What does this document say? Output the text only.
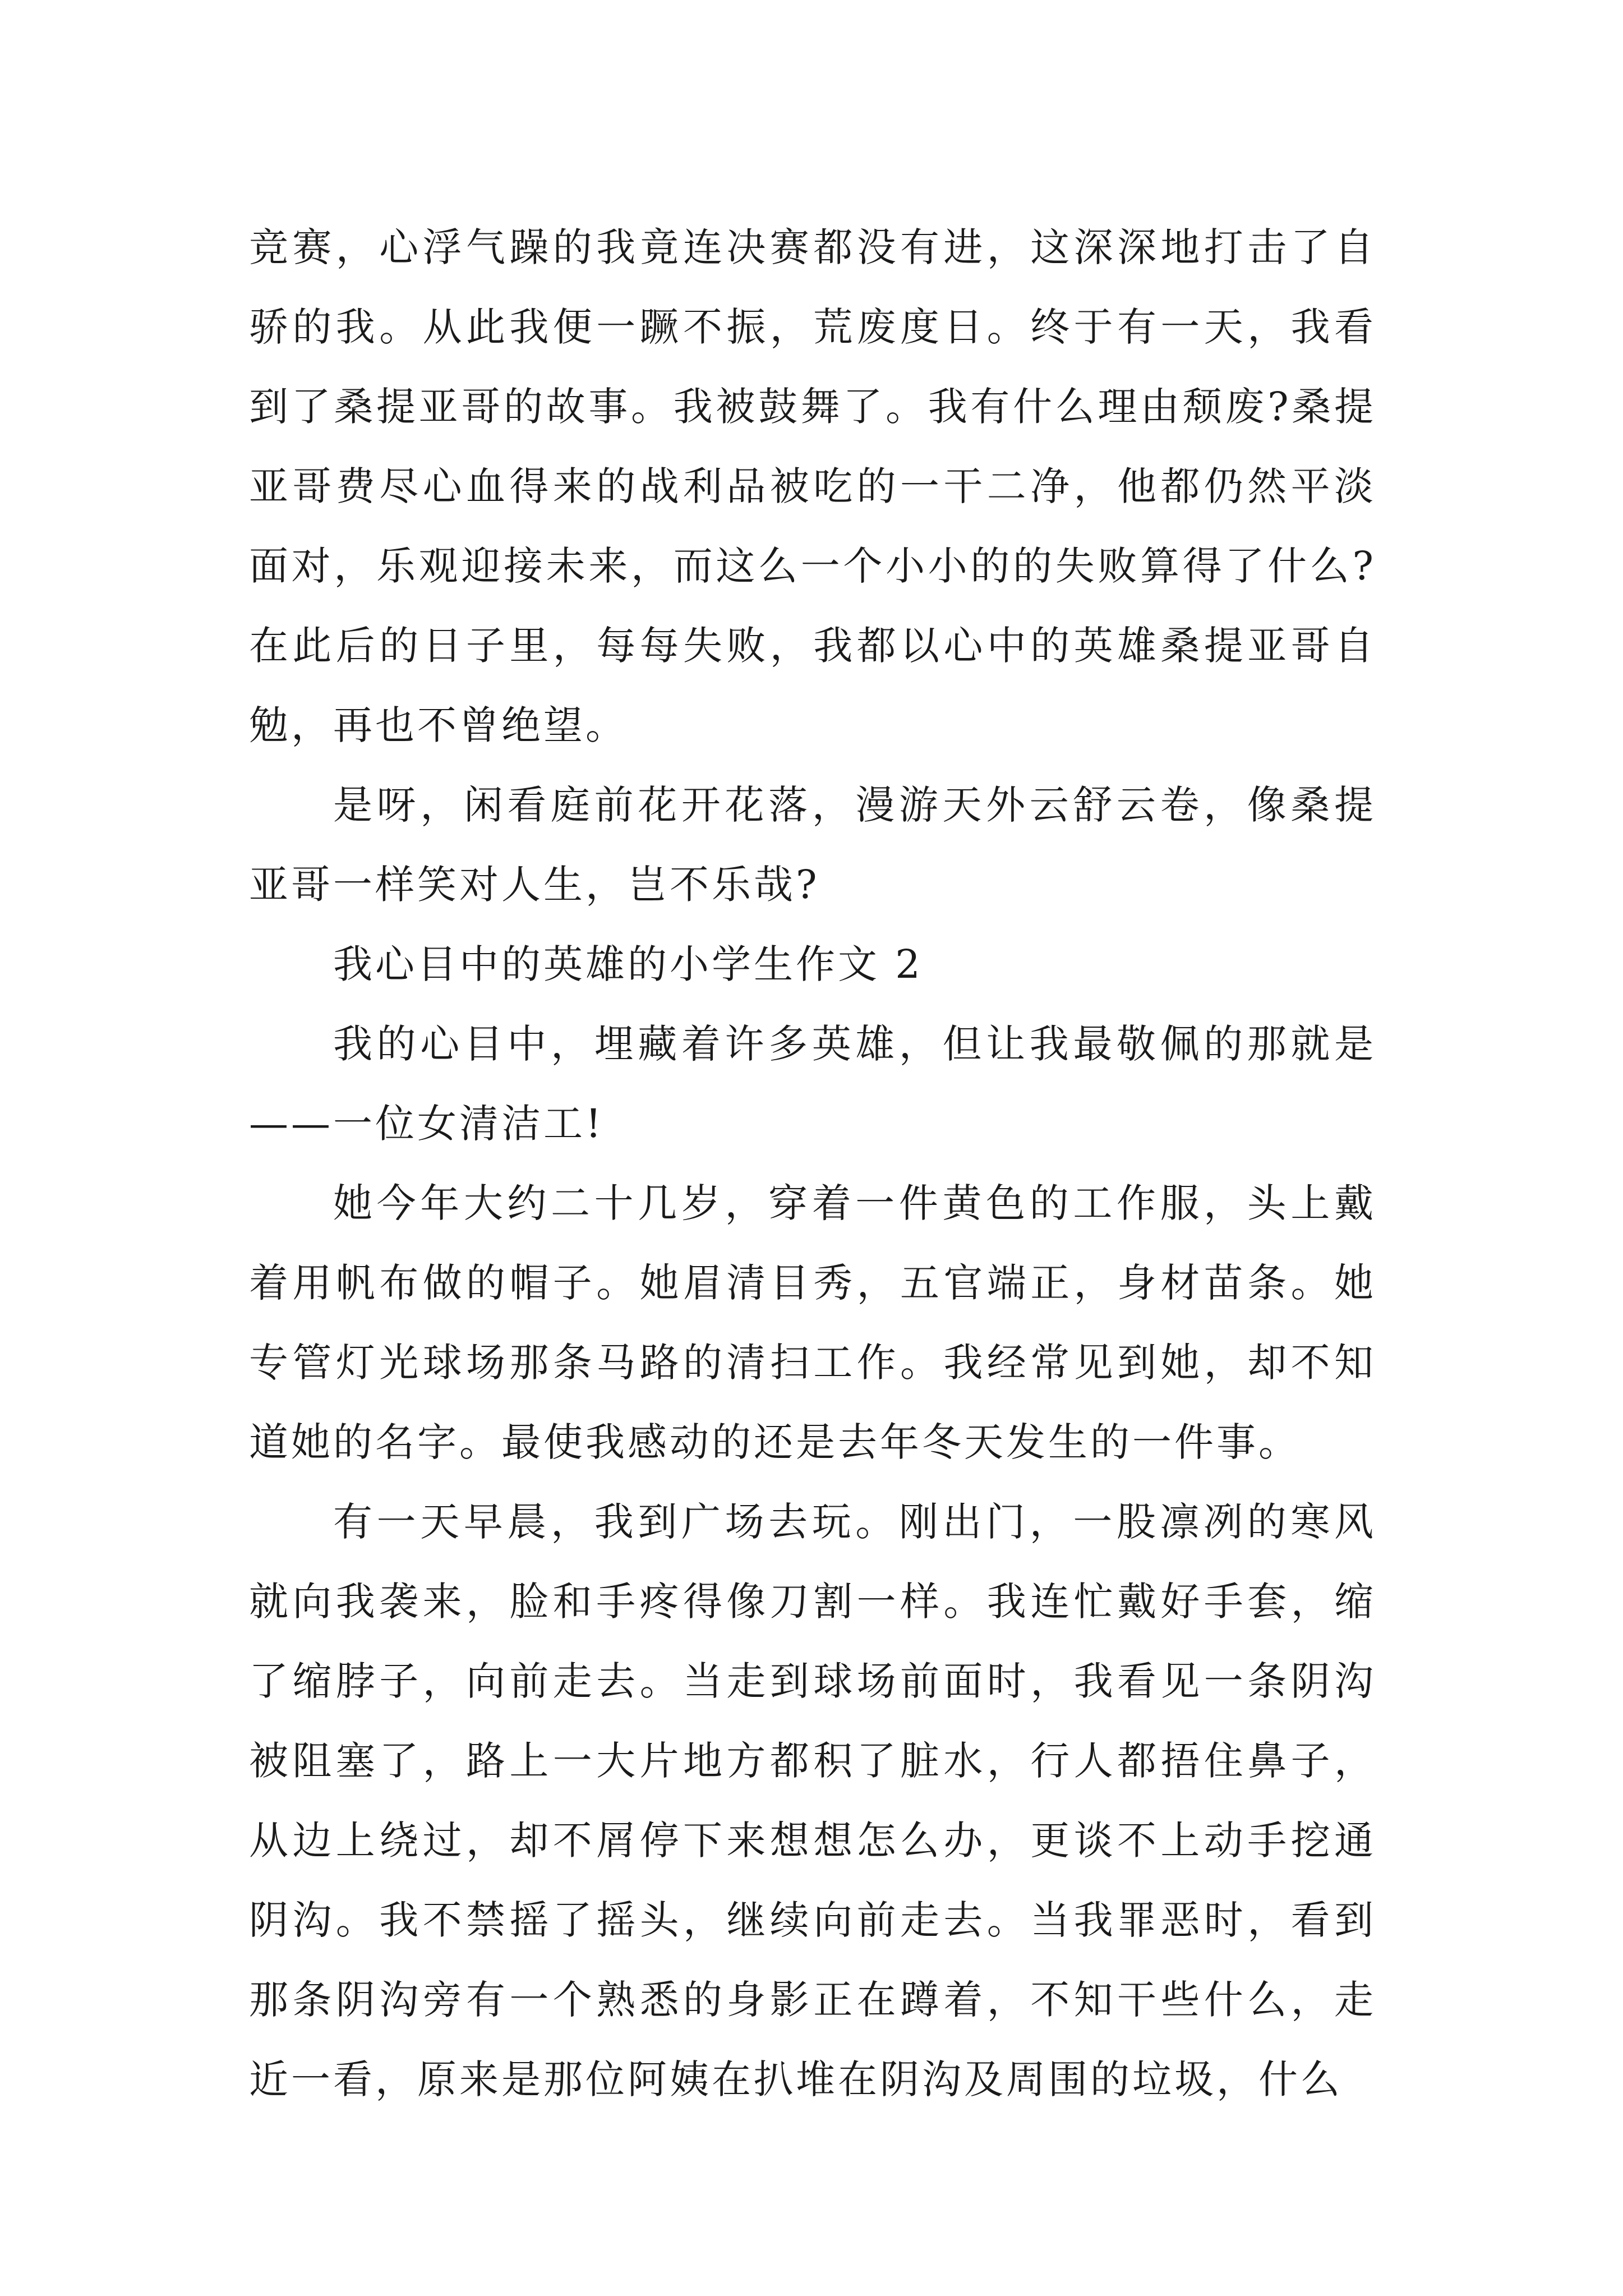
竞赛，心浮气躁的我竟连决赛都没有进，这深深地打击了自骄的我。从此我便一蹶不振，荒废度日。终于有一天，我看到了桑提亚哥的故事。我被鼓舞了。我有什么理由颓废?桑提亚哥费尽心血得来的战利品被吃的一干二净，他都仍然平淡面对，乐观迎接未来，而这么一个小小的的失败算得了什么?在此后的日子里，每每失败，我都以心中的英雄桑提亚哥自勉，再也不曾绝望。

是呀，闲看庭前花开花落，漫游天外云舒云卷，像桑提亚哥一样笑对人生，岂不乐哉?

我心目中的英雄的小学生作文 2

我的心目中，埋藏着许多英雄，但让我最敬佩的那就是——一位女清洁工!

她今年大约二十几岁，穿着一件黄色的工作服，头上戴着用帆布做的帽子。她眉清目秀，五官端正，身材苗条。她专管灯光球场那条马路的清扫工作。我经常见到她，却不知道她的名字。最使我感动的还是去年冬天发生的一件事。

有一天早晨，我到广场去玩。刚出门，一股凛冽的寒风就向我袭来，脸和手疼得像刀割一样。我连忙戴好手套，缩了缩脖子，向前走去。当走到球场前面时，我看见一条阴沟被阻塞了，路上一大片地方都积了脏水，行人都捂住鼻子，从边上绕过，却不屑停下来想想怎么办，更谈不上动手挖通阴沟。我不禁摇了摇头，继续向前走去。当我罪恶时，看到那条阴沟旁有一个熟悉的身影正在蹲着，不知干些什么，走近一看，原来是那位阿姨在扒堆在阴沟及周围的垃圾，什么
